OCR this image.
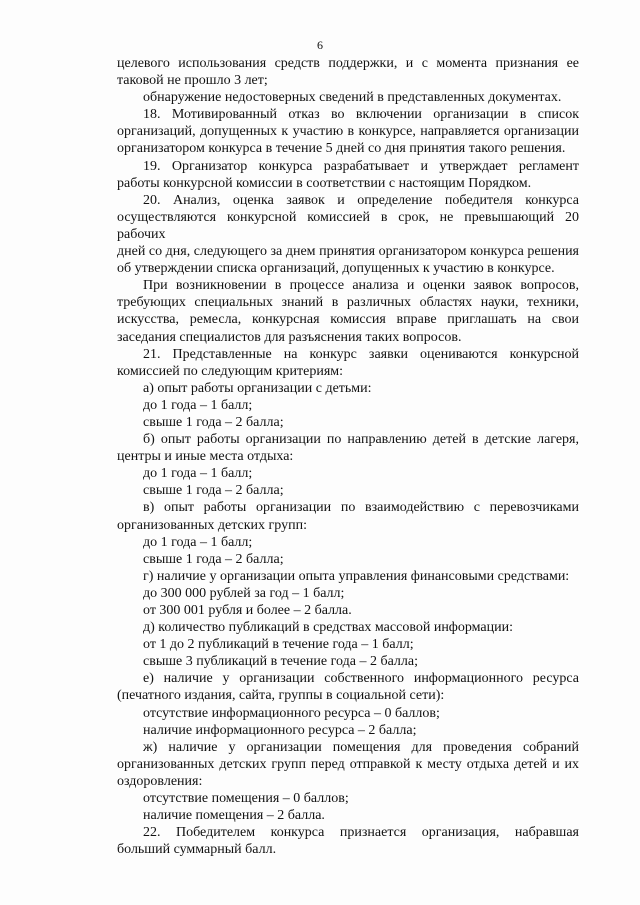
6

целевого использования средств поддержки, и с момента признания ее

таковой не прошло 3 лет;

обнаружение недостоверных сведений в представленных документах.

18. Мотивированный отказ во включении организации в список

организаций, допущенных к участию в конкурсе, направляется организации

организатором конкурса в течение 5 дней со дня принятия такого решения.

19. Организатор конкурса разрабатывает и утверждает регламент

работы конкурсной комиссии в соответствии с настоящим Порядком.

20. Анализ, оценка заявок и определение победителя конкурса

осуществляются конкурсной комиссией в срок, не превышающий 20 рабочих

дней со дня, следующего за днем принятия организатором конкурса решения

об утверждении списка организаций, допущенных к участию в конкурсе.

При возникновении в процессе анализа и оценки заявок вопросов,

требующих специальных знаний в различных областях науки, техники,

искусства, ремесла, конкурсная комиссия вправе приглашать на свои

заседания специалистов для разъяснения таких вопросов.

21. Представленные на конкурс заявки оцениваются конкурсной

комиссией по следующим критериям:

а) опыт работы организации с детьми:

до 1 года – 1 балл;

свыше 1 года – 2 балла;

б) опыт работы организации по направлению детей в детские лагеря,

центры и иные места отдыха:

до 1 года – 1 балл;

свыше 1 года – 2 балла;

в) опыт работы организации по взаимодействию с перевозчиками

организованных детских групп:

до 1 года – 1 балл;

свыше 1 года – 2 балла;

г) наличие у организации опыта управления финансовыми средствами:

до 300 000 рублей за год – 1 балл;

от 300 001 рубля и более – 2 балла.

д) количество публикаций в средствах массовой информации:

от 1 до 2 публикаций в течение года – 1 балл;

свыше 3 публикаций в течение года – 2 балла;

е) наличие у организации собственного информационного ресурса

(печатного издания, сайта, группы в социальной сети):

отсутствие информационного ресурса – 0 баллов;

наличие информационного ресурса – 2 балла;

ж) наличие у организации помещения для проведения собраний

организованных детских групп перед отправкой к месту отдыха детей и их

оздоровления:

отсутствие помещения – 0 баллов;

наличие помещения – 2 балла.

22. Победителем конкурса признается организация, набравшая

больший суммарный балл.
